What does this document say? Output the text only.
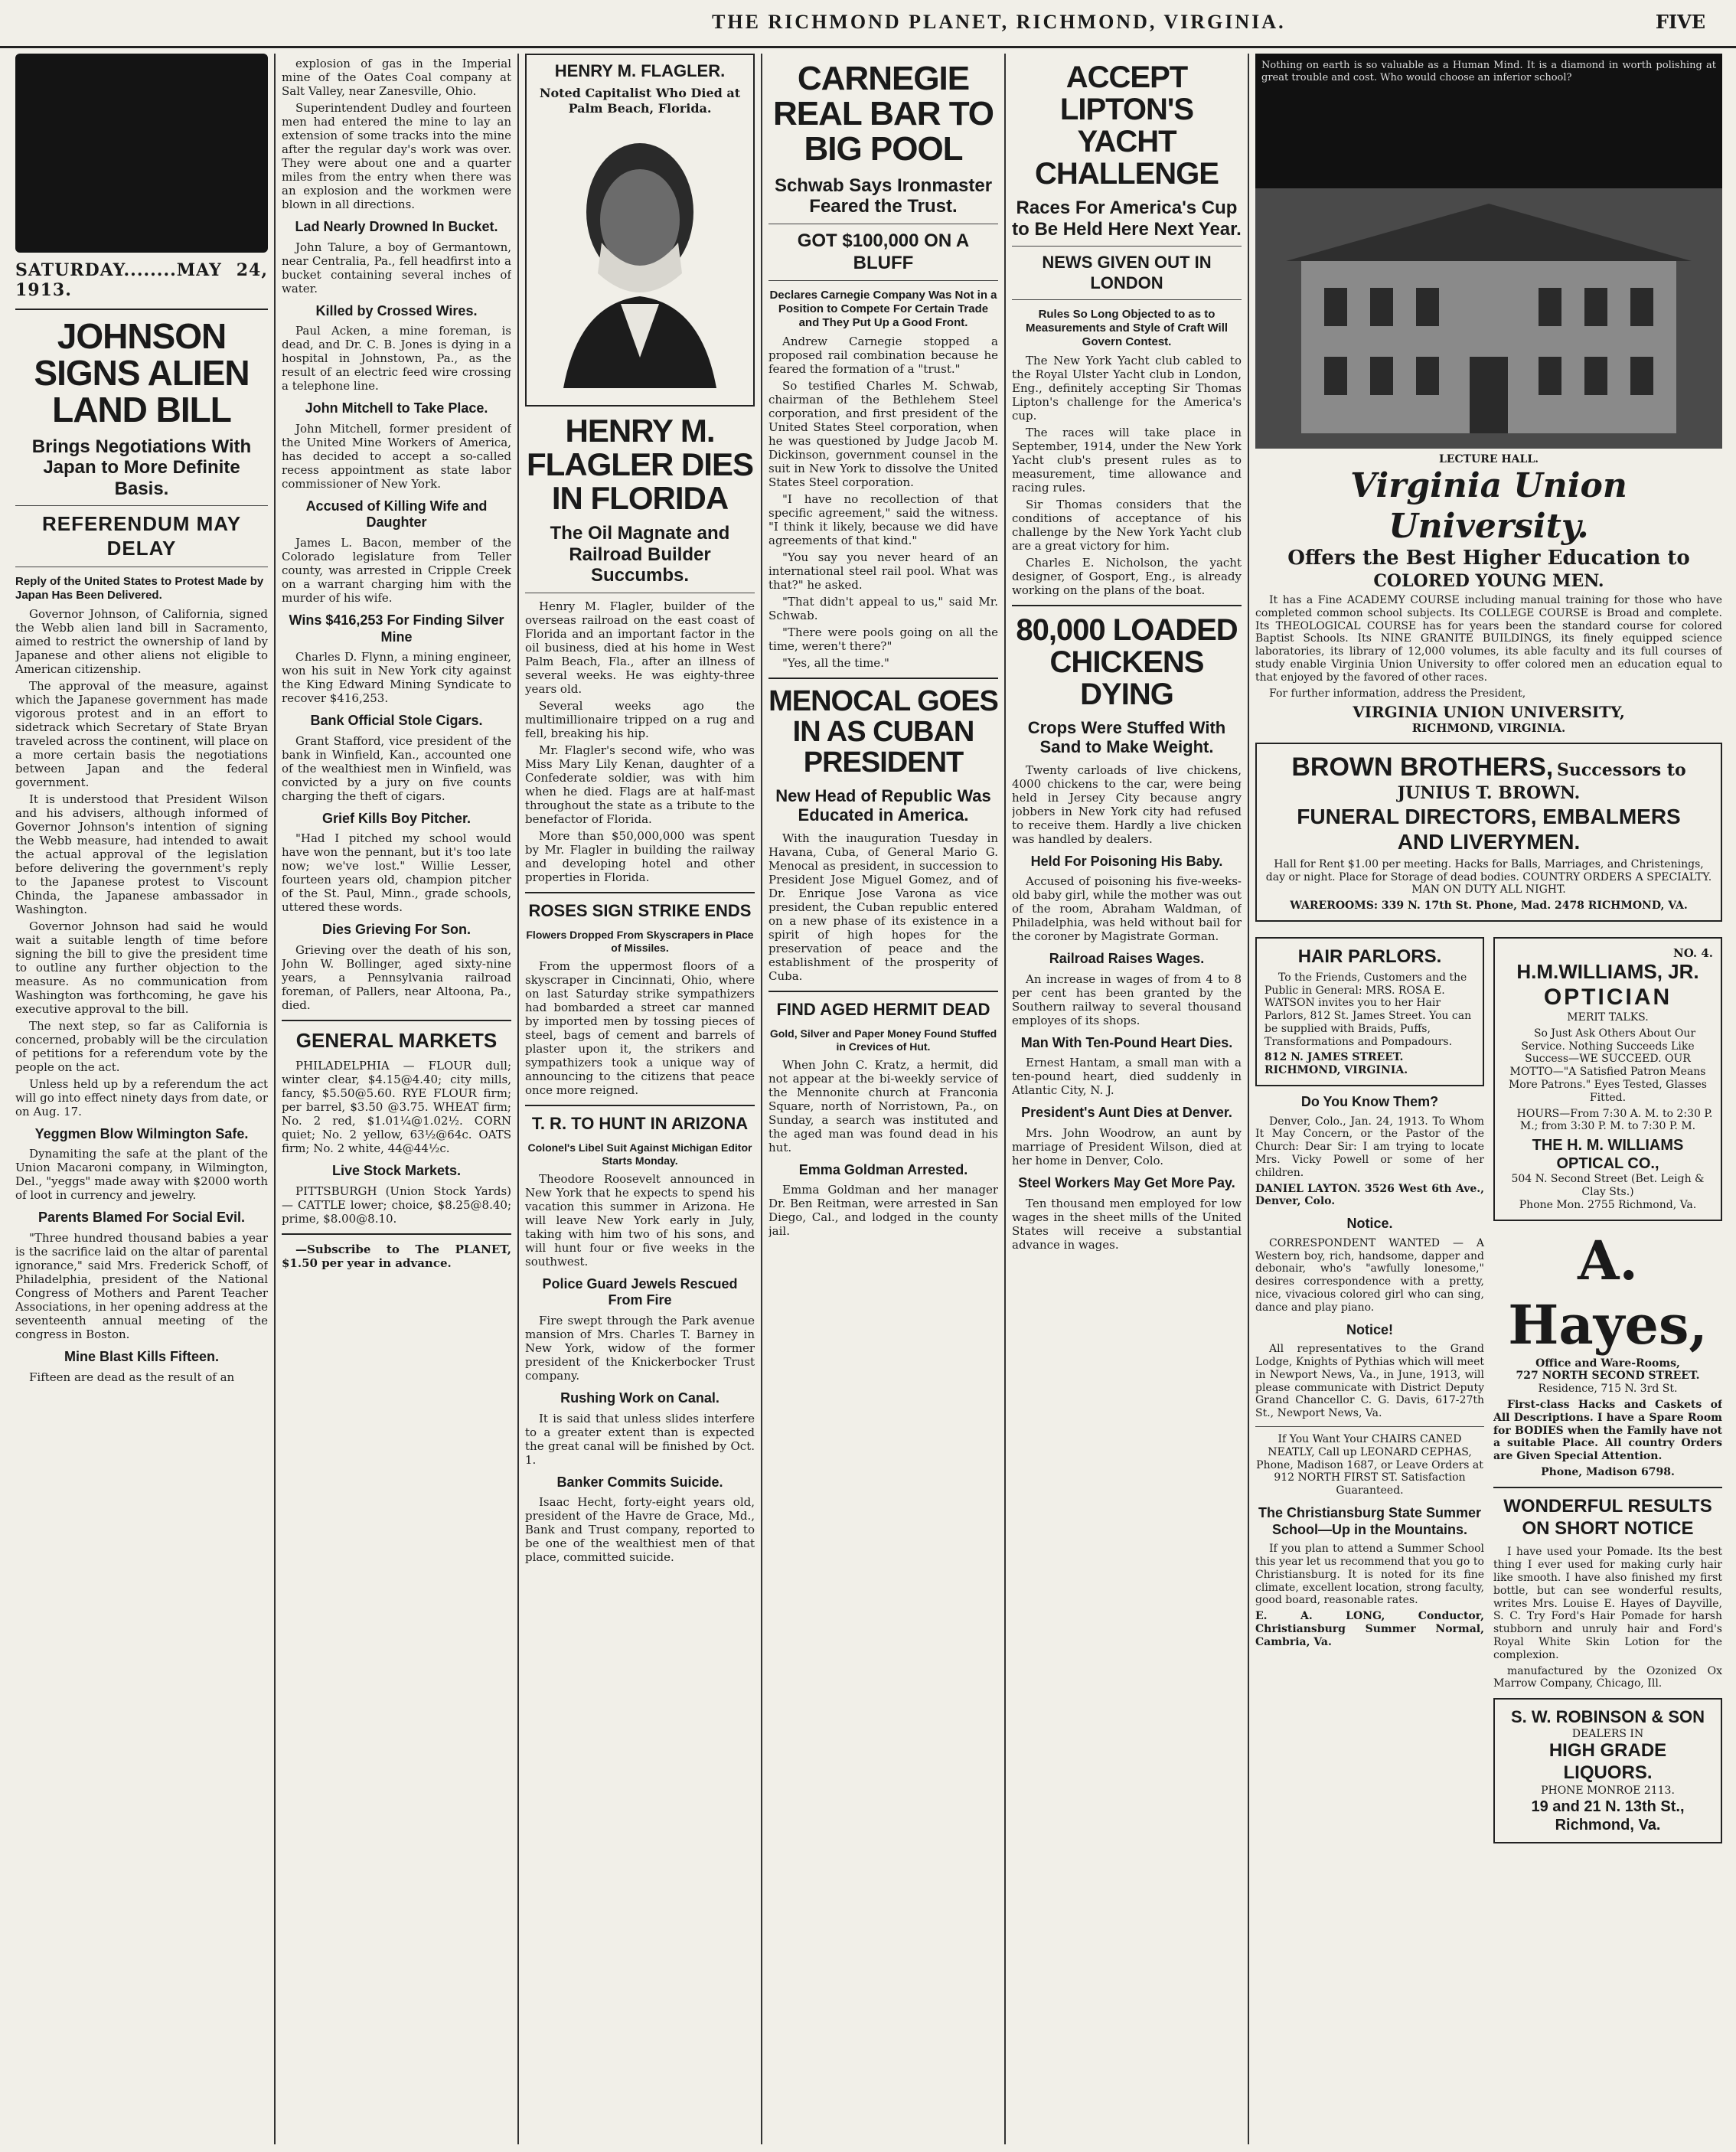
THE RICHMOND PLANET, RICHMOND, VIRGINIA.	FIVE
SATURDAY........MAY 24, 1913.
JOHNSON SIGNS ALIEN LAND BILL
Brings Negotiations With Japan to More Definite Basis.
REFERENDUM MAY DELAY
Reply of the United States to Protest Made by Japan Has Been Delivered.

Governor Johnson, of California, signed the Webb alien land bill in Sacramento, aimed to restrict the ownership of land by Japanese and other aliens not eligible to American citizenship.

The approval of the measure, against which the Japanese government has made vigorous protest and in an effort to sidetrack which Secretary of State Bryan traveled across the continent, will place on a more certain basis the negotiations between Japan and the federal government.

It is understood that President Wilson and his advisers, although informed of Governor Johnson's intention of signing the Webb measure, had intended to await the actual approval of the legislation before delivering the government's reply to the Japanese protest to Viscount Chinda, the Japanese ambassador in Washington.

Governor Johnson had said he would wait a suitable length of time before signing the bill to give the president time to outline any further objection to the measure. As no communication from Washington was forthcoming, he gave his executive approval to the bill.

The next step, so far as California is concerned, probably will be the circulation of petitions for a referendum vote by the people on the act.

Unless held up by a referendum the act will go into effect ninety days from date, or on Aug. 17.

Yeggmen Blow Wilmington Safe.

Dynamiting the safe at the plant of the Union Macaroni company, in Wilmington, Del., "yeggs" made away with $2000 worth of loot in currency and jewelry.

Parents Blamed For Social Evil.

"Three hundred thousand babies a year is the sacrifice laid on the altar of parental ignorance," said Mrs. Frederick Schoff, of Philadelphia, president of the National Congress of Mothers and Parent Teacher Associations, in her opening address at the seventeenth annual meeting of the congress in Boston.

Mine Blast Kills Fifteen.

Fifteen are dead as the result of an

explosion of gas in the Imperial mine of the Oates Coal company at Salt Valley, near Zanesville, Ohio.

Superintendent Dudley and fourteen men had entered the mine to lay an extension of some tracks into the mine after the regular day's work was over. They were about one and a quarter miles from the entry when there was an explosion and the workmen were blown in all directions.

Lad Nearly Drowned In Bucket.

John Talure, a boy of Germantown, near Centralia, Pa., fell headfirst into a bucket containing several inches of water.

Killed by Crossed Wires.

Paul Acken, a mine foreman, is dead, and Dr. C. B. Jones is dying in a hospital in Johnstown, Pa., as the result of an electric feed wire crossing a telephone line.

John Mitchell to Take Place.

John Mitchell, former president of the United Mine Workers of America, has decided to accept a so-called recess appointment as state labor commissioner of New York.

Accused of Killing Wife and Daughter

James L. Bacon, member of the Colorado legislature from Teller county, was arrested in Cripple Creek on a warrant charging him with the murder of his wife.

Wins $416,253 For Finding Silver Mine

Charles D. Flynn, a mining engineer, won his suit in New York city against the King Edward Mining Syndicate to recover $416,253.

Bank Official Stole Cigars.

Grant Stafford, vice president of the bank in Winfield, Kan., accounted one of the wealthiest men in Winfield, was convicted by a jury on five counts charging the theft of cigars.

Grief Kills Boy Pitcher.

"Had I pitched my school would have won the pennant, but it's too late now; we've lost." Willie Lesser, fourteen years old, champion pitcher of the St. Paul, Minn., grade schools, uttered these words.

Dies Grieving For Son.

Grieving over the death of his son, John W. Bollinger, aged sixty-nine years, a Pennsylvania railroad foreman, of Pallers, near Altoona, Pa., died.

GENERAL MARKETS

PHILADELPHIA — FLOUR dull; winter clear, $4.15@4.40; city mills, fancy, $5.50@5.60. RYE FLOUR firm; per barrel, $3.50 @3.75. WHEAT firm; No. 2 red, $1.01¼@1.02½. CORN quiet; No. 2 yellow, 63½@64c. OATS firm; No. 2 white, 44@44½c.

Live Stock Markets.

PITTSBURGH (Union Stock Yards) — CATTLE lower; choice, $8.25@8.40; prime, $8.00@8.10.

—Subscribe to The PLANET, $1.50 per year in advance.

HENRY M. FLAGLER.
Noted Capitalist Who Died at Palm Beach, Florida.
HENRY M. FLAGLER DIES IN FLORIDA
The Oil Magnate and Railroad Builder Succumbs.

Henry M. Flagler, builder of the overseas railroad on the east coast of Florida and an important factor in the oil business, died at his home in West Palm Beach, Fla., after an illness of several weeks. He was eighty-three years old.

Several weeks ago the multimillionaire tripped on a rug and fell, breaking his hip.

Mr. Flagler's second wife, who was Miss Mary Lily Kenan, daughter of a Confederate soldier, was with him when he died. Flags are at half-mast throughout the state as a tribute to the benefactor of Florida.

More than $50,000,000 was spent by Mr. Flagler in building the railway and developing hotel and other properties in Florida.

ROSES SIGN STRIKE ENDS
Flowers Dropped From Skyscrapers in Place of Missiles.

From the uppermost floors of a skyscraper in Cincinnati, Ohio, where on last Saturday strike sympathizers had bombarded a street car manned by imported men by tossing pieces of steel, bags of cement and barrels of plaster upon it, the strikers and sympathizers took a unique way of announcing to the citizens that peace once more reigned.

T. R. TO HUNT IN ARIZONA
Colonel's Libel Suit Against Michigan Editor Starts Monday.

Theodore Roosevelt announced in New York that he expects to spend his vacation this summer in Arizona. He will leave New York early in July, taking with him two of his sons, and will hunt four or five weeks in the southwest.

Police Guard Jewels Rescued From Fire

Fire swept through the Park avenue mansion of Mrs. Charles T. Barney in New York, widow of the former president of the Knickerbocker Trust company.

Rushing Work on Canal.

It is said that unless slides interfere to a greater extent than is expected the great canal will be finished by Oct. 1.

Banker Commits Suicide.

Isaac Hecht, forty-eight years old, president of the Havre de Grace, Md., Bank and Trust company, reported to be one of the wealthiest men of that place, committed suicide.

CARNEGIE REAL BAR TO BIG POOL
Schwab Says Ironmaster Feared the Trust.
GOT $100,000 ON A BLUFF
Declares Carnegie Company Was Not in a Position to Compete For Certain Trade and They Put Up a Good Front.

Andrew Carnegie stopped a proposed rail combination because he feared the formation of a "trust."

So testified Charles M. Schwab, chairman of the Bethlehem Steel corporation, and first president of the United States Steel corporation, when he was questioned by Judge Jacob M. Dickinson, government counsel in the suit in New York to dissolve the United States Steel corporation.

"I have no recollection of that specific agreement," said the witness. "I think it likely, because we did have agreements of that kind."

"You say you never heard of an international steel rail pool. What was that?" he asked.

"That didn't appeal to us," said Mr. Schwab.

"There were pools going on all the time, weren't there?"

"Yes, all the time."

MENOCAL GOES IN AS CUBAN PRESIDENT
New Head of Republic Was Educated in America.

With the inauguration Tuesday in Havana, Cuba, of General Mario G. Menocal as president, in succession to President Jose Miguel Gomez, and of Dr. Enrique Jose Varona as vice president, the Cuban republic entered on a new phase of its existence in a spirit of high hopes for the preservation of peace and the establishment of the prosperity of Cuba.

FIND AGED HERMIT DEAD
Gold, Silver and Paper Money Found Stuffed in Crevices of Hut.

When John C. Kratz, a hermit, did not appear at the bi-weekly service of the Mennonite church at Franconia Square, north of Norristown, Pa., on Sunday, a search was instituted and the aged man was found dead in his hut.

Emma Goldman Arrested.

Emma Goldman and her manager Dr. Ben Reitman, were arrested in San Diego, Cal., and lodged in the county jail.

ACCEPT LIPTON'S YACHT CHALLENGE
Races For America's Cup to Be Held Here Next Year.
NEWS GIVEN OUT IN LONDON
Rules So Long Objected to as to Measurements and Style of Craft Will Govern Contest.

The New York Yacht club cabled to the Royal Ulster Yacht club in London, Eng., definitely accepting Sir Thomas Lipton's challenge for the America's cup.

The races will take place in September, 1914, under the New York Yacht club's present rules as to measurement, time allowance and racing rules.

Sir Thomas considers that the conditions of acceptance of his challenge by the New York Yacht club are a great victory for him.

Charles E. Nicholson, the yacht designer, of Gosport, Eng., is already working on the plans of the boat.

80,000 LOADED CHICKENS DYING
Crops Were Stuffed With Sand to Make Weight.

Twenty carloads of live chickens, 4000 chickens to the car, were being held in Jersey City because angry jobbers in New York city had refused to receive them. Hardly a live chicken was handled by dealers.

Held For Poisoning His Baby.

Accused of poisoning his five-weeks-old baby girl, while the mother was out of the room, Abraham Waldman, of Philadelphia, was held without bail for the coroner by Magistrate Gorman.

Railroad Raises Wages.

An increase in wages of from 4 to 8 per cent has been granted by the Southern railway to several thousand employes of its shops.

Man With Ten-Pound Heart Dies.

Ernest Hantam, a small man with a ten-pound heart, died suddenly in Atlantic City, N. J.

President's Aunt Dies at Denver.

Mrs. John Woodrow, an aunt by marriage of President Wilson, died at her home in Denver, Colo.

Steel Workers May Get More Pay.

Ten thousand men employed for low wages in the sheet mills of the United States will receive a substantial advance in wages.

Nothing on earth is so valuable as a Human Mind. It is a diamond in worth polishing at great trouble and cost. Who would choose an inferior school?
LECTURE HALL.
Virginia Union University.
Offers the Best Higher Education to
COLORED YOUNG MEN.

It has a Fine ACADEMY COURSE including manual training for those who have completed common school subjects. Its COLLEGE COURSE is Broad and complete. Its THEOLOGICAL COURSE has for years been the standard course for colored Baptist Schools. Its NINE GRANITE BUILDINGS, its finely equipped science laboratories, its library of 12,000 volumes, its able faculty and its full courses of study enable Virginia Union University to offer colored men an education equal to that enjoyed by the favored of other races.

For further information, address the President,

VIRGINIA UNION UNIVERSITY,
RICHMOND, VIRGINIA.
BROWN BROTHERS, Successors to JUNIUS T. BROWN.
FUNERAL DIRECTORS, EMBALMERS
AND LIVERYMEN.

Hall for Rent $1.00 per meeting. Hacks for Balls, Marriages, and Christenings, day or night. Place for Storage of dead bodies. COUNTRY ORDERS A SPECIALTY. MAN ON DUTY ALL NIGHT.

WAREROOMS: 339 N. 17th St. Phone, Mad. 2478 RICHMOND, VA.
HAIR PARLORS.

To the Friends, Customers and the Public in General: MRS. ROSA E. WATSON invites you to her Hair Parlors, 812 St. James Street. You can be supplied with Braids, Puffs, Transformations and Pompadours.

812 N. JAMES STREET. RICHMOND, VIRGINIA.
Do You Know Them?

Denver, Colo., Jan. 24, 1913. To Whom It May Concern, or the Pastor of the Church: Dear Sir: I am trying to locate Mrs. Vicky Powell or some of her children.

DANIEL LAYTON. 3526 West 6th Ave., Denver, Colo.
Notice.

CORRESPONDENT WANTED — A Western boy, rich, handsome, dapper and debonair, who's "awfully lonesome," desires correspondence with a pretty, nice, vivacious colored girl who can sing, dance and play piano.

Notice!

All representatives to the Grand Lodge, Knights of Pythias which will meet in Newport News, Va., in June, 1913, will please communicate with District Deputy Grand Chancellor C. G. Davis, 617-27th St., Newport News, Va.

If You Want Your CHAIRS CANED NEATLY, Call up LEONARD CEPHAS, Phone, Madison 1687, or Leave Orders at 912 NORTH FIRST ST. Satisfaction Guaranteed.

The Christiansburg State Summer School—Up in the Mountains.

If you plan to attend a Summer School this year let us recommend that you go to Christiansburg. It is noted for its fine climate, excellent location, strong faculty, good board, reasonable rates.

E. A. LONG, Conductor, Christiansburg Summer Normal, Cambria, Va.
NO. 4.
H.M.WILLIAMS, JR.
OPTICIAN
MERIT TALKS.

So Just Ask Others About Our Service. Nothing Succeeds Like Success—WE SUCCEED. OUR MOTTO—"A Satisfied Patron Means More Patrons." Eyes Tested, Glasses Fitted.

HOURS—From 7:30 A. M. to 2:30 P. M.; from 3:30 P. M. to 7:30 P. M.

THE H. M. WILLIAMS OPTICAL CO.,
504 N. Second Street (Bet. Leigh & Clay Sts.)
Phone Mon. 2755 Richmond, Va.
A. Hayes,
Office and Ware-Rooms,
727 NORTH SECOND STREET.
Residence, 715 N. 3rd St.

First-class Hacks and Caskets of All Descriptions. I have a Spare Room for BODIES when the Family have not a suitable Place. All country Orders are Given Special Attention.

Phone, Madison 6798.
WONDERFUL RESULTS ON SHORT NOTICE

I have used your Pomade. Its the best thing I ever used for making curly hair like smooth. I have also finished my first bottle, but can see wonderful results, writes Mrs. Louise E. Hayes of Dayville, S. C. Try Ford's Hair Pomade for harsh stubborn and unruly hair and Ford's Royal White Skin Lotion for the complexion.

manufactured by the Ozonized Ox Marrow Company, Chicago, Ill.

S. W. ROBINSON & SON
DEALERS IN
HIGH GRADE LIQUORS.
PHONE MONROE 2113.
19 and 21 N. 13th St., Richmond, Va.
